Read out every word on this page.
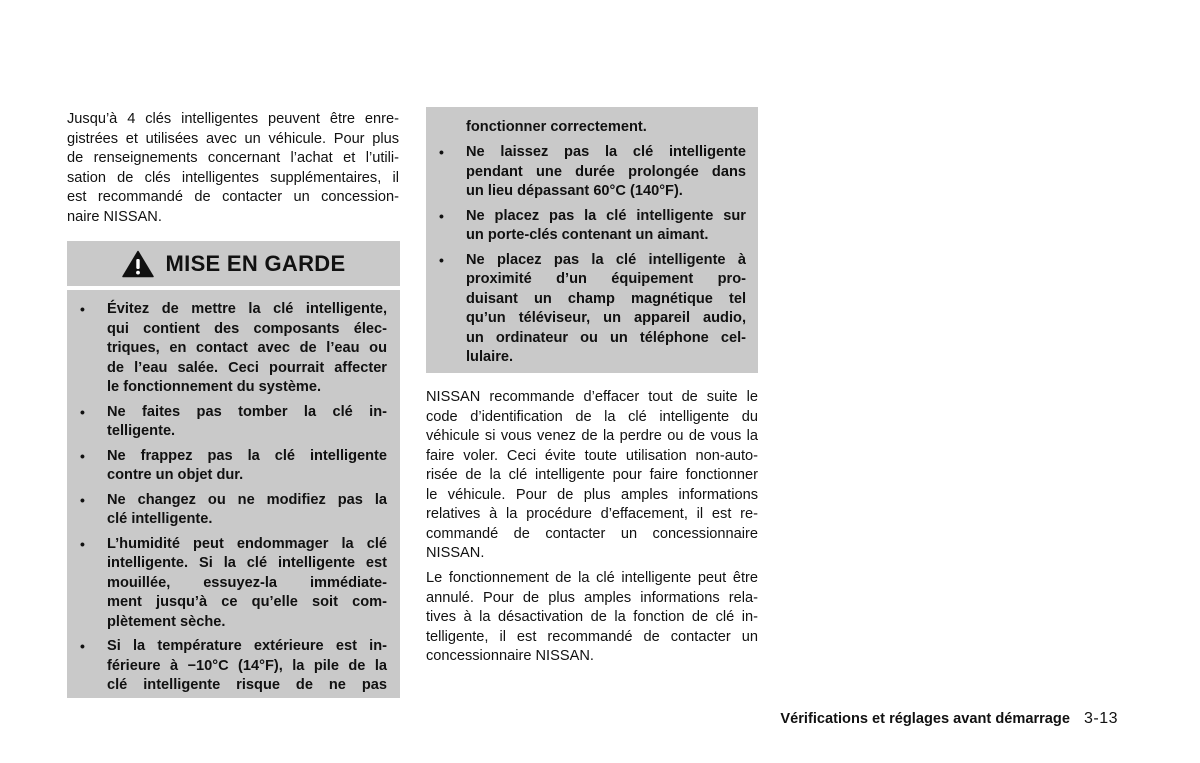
Jusqu’à 4 clés intelligentes peuvent être enre-
gistrées et utilisées avec un véhicule. Pour plus
de renseignements concernant l’achat et l’utili-
sation de clés intelligentes supplémentaires, il
est recommandé de contacter un concession-
naire NISSAN.
MISE EN GARDE
• Évitez de mettre la clé intelligente,
qui contient des composants élec-
triques, en contact avec de l’eau ou
de l’eau salée. Ceci pourrait affecter
le fonctionnement du système.
• Ne faites pas tomber la clé in-
telligente.
• Ne frappez pas la clé intelligente
contre un objet dur.
• Ne changez ou ne modifiez pas la
clé intelligente.
• L’humidité peut endommager la clé
intelligente. Si la clé intelligente est
mouillée, essuyez-la immédiate-
ment jusqu’à ce qu’elle soit com-
plètement sèche.
• Si la température extérieure est in-
férieure à −10°C (14°F), la pile de la
clé intelligente risque de ne pas

fonctionner correctement.

• Ne laissez pas la clé intelligente
pendant une durée prolongée dans
un lieu dépassant 60°C (140°F).
• Ne placez pas la clé intelligente sur
un porte-clés contenant un aimant.
• Ne placez pas la clé intelligente à
proximité d’un équipement pro-
duisant un champ magnétique tel
qu’un téléviseur, un appareil audio,
un ordinateur ou un téléphone cel-
lulaire.
NISSAN recommande d’effacer tout de suite le
code d’identification de la clé intelligente du
véhicule si vous venez de la perdre ou de vous la
faire voler. Ceci évite toute utilisation non-auto-
risée de la clé intelligente pour faire fonctionner
le véhicule. Pour de plus amples informations
relatives à la procédure d’effacement, il est re-
commandé de contacter un concessionnaire
NISSAN.
Le fonctionnement de la clé intelligente peut être
annulé. Pour de plus amples informations rela-
tives à la désactivation de la fonction de clé in-
telligente, il est recommandé de contacter un
concessionnaire NISSAN.
Vérifications et réglages avant démarrage 3-13
